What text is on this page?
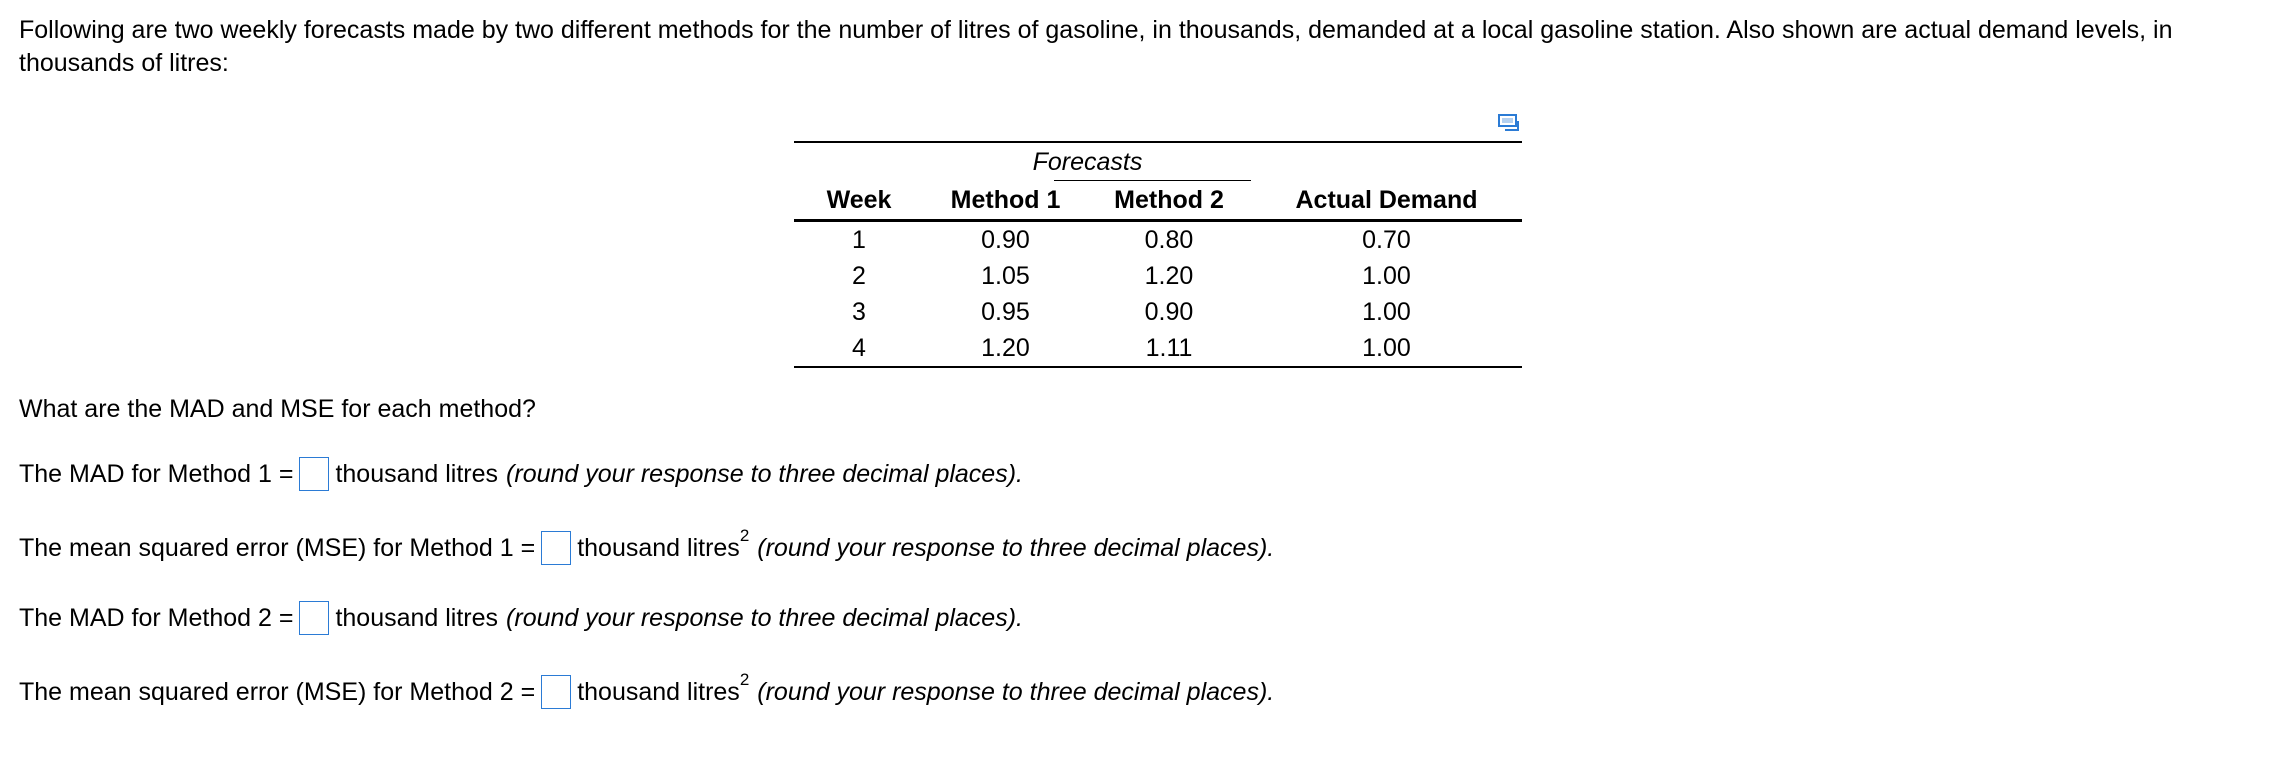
Following are two weekly forecasts made by two different methods for the number of litres of gasoline, in thousands, demanded at a local gasoline station. Also shown are actual demand levels, in thousands of litres:

	Forecasts	

Week	Method 1	Method 2	Actual Demand
1	0.90	0.80	0.70
2	1.05	1.20	1.00
3	0.95	0.90	1.00
4	1.20	1.11	1.00

What are the MAD and MSE for each method?

The MAD for Method 1 = thousand litres (round your response to three decimal places).
The mean squared error (MSE) for Method 1 = thousand litres 2 (round your response to three decimal places).
The MAD for Method 2 = thousand litres (round your response to three decimal places).
The mean squared error (MSE) for Method 2 = thousand litres 2 (round your response to three decimal places).
